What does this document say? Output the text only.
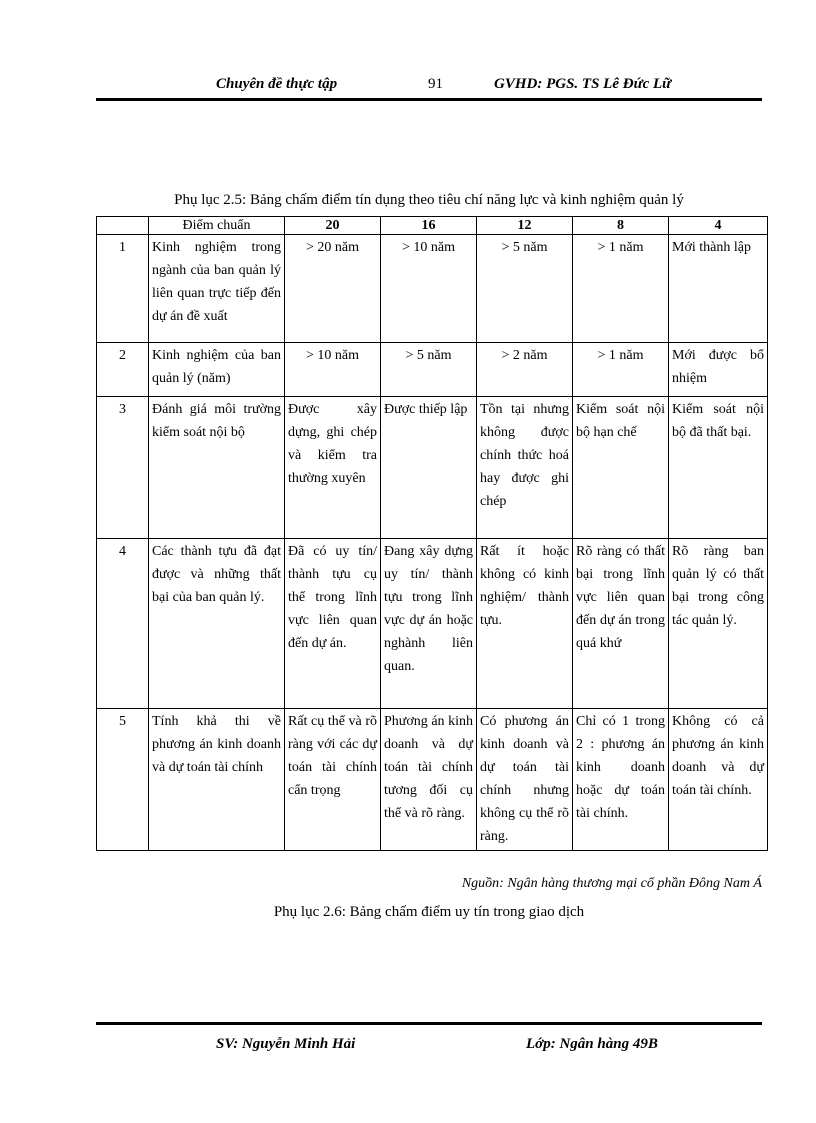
Chuyên đề thực tập	91	GVHD: PGS. TS Lê Đức Lữ
Phụ lục 2.5: Bảng chấm điểm tín dụng theo tiêu chí năng lực và kinh nghiệm quản lý
	Điểm chuẩn	20	16	12	8	4
1	Kinh nghiệm trong ngành của ban quản lý liên quan trực tiếp đến dự án đề xuất	> 20 năm	> 10 năm	> 5 năm	> 1 năm	Mới thành lập
2	Kinh nghiệm của ban quản lý (năm)	> 10 năm	> 5 năm	> 2 năm	> 1 năm	Mới được bổ nhiệm
3	Đánh giá môi trường kiểm soát nội bộ	Được xây dựng, ghi chép và kiểm tra thường xuyên	Được thiếp lập	Tồn tại nhưng không được chính thức hoá hay được ghi chép	Kiểm soát nội bộ hạn chế	Kiểm soát nội bộ đã thất bại.
4	Các thành tựu đã đạt được và những thất bại của ban quản lý.	Đã có uy tín/ thành tựu cụ thể trong lĩnh vực liên quan đến dự án.	Đang xây dựng uy tín/ thành tựu trong lĩnh vực dự án hoặc nghành liên quan.	Rất ít hoặc không có kinh nghiệm/ thành tựu.	Rõ ràng có thất bại trong lĩnh vực liên quan đến dự án trong quá khứ	Rõ ràng ban quản lý có thất bại trong công tác quản lý.
5	Tính khả thi về phương án kinh doanh và dự toán tài chính	Rất cụ thể và rõ ràng với các dự toán tài chính cẩn trọng	Phương án kinh doanh và dự toán tài chính tương đối cụ thể và rõ ràng.	Có phương án kinh doanh và dự toán tài chính nhưng không cụ thể rõ ràng.	Chỉ có 1 trong 2 : phương án kinh doanh hoặc dự toán tài chính.	Không có cả phương án kinh doanh và dự toán tài chính.
Nguồn: Ngân hàng thương mại cổ phần Đông Nam Á
Phụ lục 2.6: Bảng chấm điểm uy tín trong giao dịch
SV: Nguyễn Minh Hải	Lớp: Ngân hàng 49B
